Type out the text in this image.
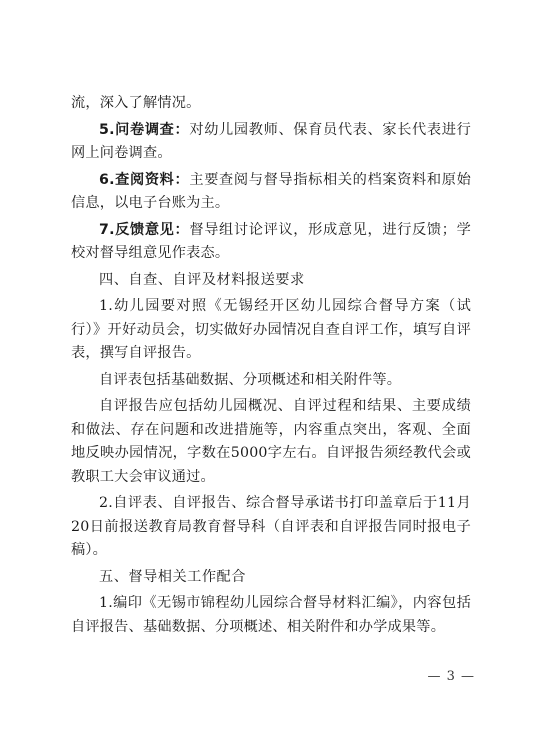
流，深入了解情况。

5.问卷调查：对幼儿园教师、保育员代表、家长代表进行网上问卷调查。

6.查阅资料：主要查阅与督导指标相关的档案资料和原始信息，以电子台账为主。

7.反馈意见：督导组讨论评议，形成意见，进行反馈；学校对督导组意见作表态。

四、自查、自评及材料报送要求

1.幼儿园要对照《无锡经开区幼儿园综合督导方案（试行）》开好动员会，切实做好办园情况自查自评工作，填写自评表，撰写自评报告。

自评表包括基础数据、分项概述和相关附件等。

自评报告应包括幼儿园概况、自评过程和结果、主要成绩和做法、存在问题和改进措施等，内容重点突出，客观、全面地反映办园情况，字数在5000字左右。自评报告须经教代会或教职工大会审议通过。

2.自评表、自评报告、综合督导承诺书打印盖章后于11月20日前报送教育局教育督导科（自评表和自评报告同时报电子稿）。

五、督导相关工作配合

1.编印《无锡市锦程幼儿园综合督导材料汇编》，内容包括自评报告、基础数据、分项概述、相关附件和办学成果等。

— 3 —
